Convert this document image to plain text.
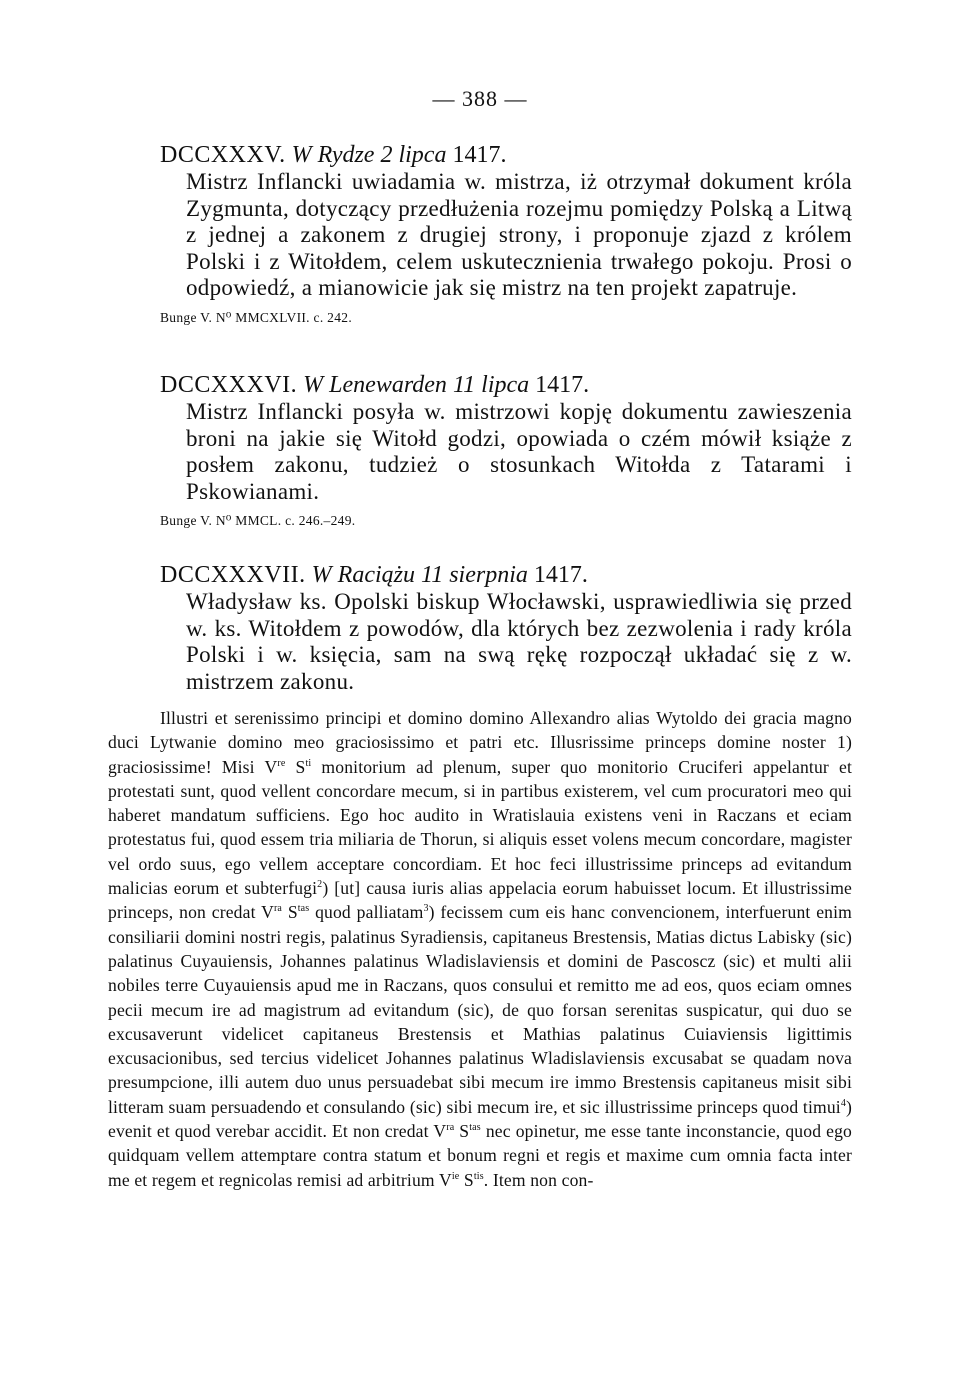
— 388 —
DCCXXXV. W Rydze 2 lipca 1417.

Mistrz Inflancki uwiadamia w. mistrza, iż otrzymał dokument króla Zygmunta, dotyczący przedłużenia rozejmu pomiędzy Polską a Litwą z jednej a zakonem z drugiej strony, i proponuje zjazd z królem Polski i z Witołdem, celem uskutecznienia trwałego pokoju. Prosi o odpowiedź, a mianowicie jak się mistrz na ten projekt zapatruje.

Bunge V. N⁰ MMCXLVII. c. 242.

DCCXXXVI. W Lenewarden 11 lipca 1417.

Mistrz Inflancki posyła w. mistrzowi kopję dokumentu zawieszenia broni na jakie się Witołd godzi, opowiada o czém mówił książe z posłem zakonu, tudzież o stosunkach Witołda z Tatarami i Pskowianami.

Bunge V. N⁰ MMCL. c. 246.–249.

DCCXXXVII. W Raciążu 11 sierpnia 1417.

Władysław ks. Opolski biskup Włocławski, usprawiedliwia się przed w. ks. Witołdem z powodów, dla których bez zezwolenia i rady króla Polski i w. księcia, sam na swą rękę rozpoczął układać się z w. mistrzem zakonu.

Illustri et serenissimo principi et domino domino Allexandro alias Wytoldo dei gracia magno duci Lytwanie domino meo graciosissimo et patri etc. Illusrissime princeps domine noster 1) graciosissime! Misi Vre $S^{ti}$ monitorium ad plenum, super quo monitorio Cruciferi appelantur et protestati sunt, quod vellent concordare mecum, si in partibus existerem, vel cum procuratori meo qui haberet mandatum sufficiens. Ego hoc audito in Wratislauia existens veni in Raczans et eciam protestatus fui, quod essem tria miliaria de Thorun, si aliquis esset volens mecum concordare, magister vel ordo suus, ego vellem acceptare concordiam. Et hoc feci illustrissime princeps ad evitandum malicias eorum et subterfugi$^2$) [ut] causa iuris alias appelacia eorum habuisset locum. Et illustrissime princeps, non credat $V^{ra}$ $S^{tas}$ quod palliatam$^3$) fecissem cum eis hanc convencionem, interfuerunt enim consiliarii domini nostri regis, palatinus Syradiensis, capitaneus Brestensis, Matias dictus Labisky (sic) palatinus Cuyauiensis, Johannes palatinus Wladislaviensis et domini de Pascoscz (sic) et multi alii nobiles terre Cuyauiensis apud me in Raczans, quos consului et remitto me ad eos, quos eciam omnes pecii mecum ire ad magistrum ad evitandum (sic), de quo forsan serenitas suspicatur, qui duo se excusaverunt videlicet capitaneus Brestensis et Mathias palatinus Cuiaviensis ligittimis excusacionibus, sed tercius videlicet Johannes palatinus Wladislaviensis excusabat se quadam nova presumpcione, illi autem duo unus persuadebat sibi mecum ire immo Brestensis capitaneus misit sibi litteram suam persuadendo et consulando (sic) sibi mecum ire, et sic illustrissime princeps quod timui$^4$) evenit et quod verebar accidit. Et non credat $V^{ra}$ $S^{tas}$ nec opinetur, me esse tante inconstancie, quod ego quidquam vellem attemptare contra statum et bonum regni et regis et maxime cum omnia facta inter me et regem et regnicolas remisi ad arbitrium $V^{ie}$ $S^{tis}$. Item non con-
